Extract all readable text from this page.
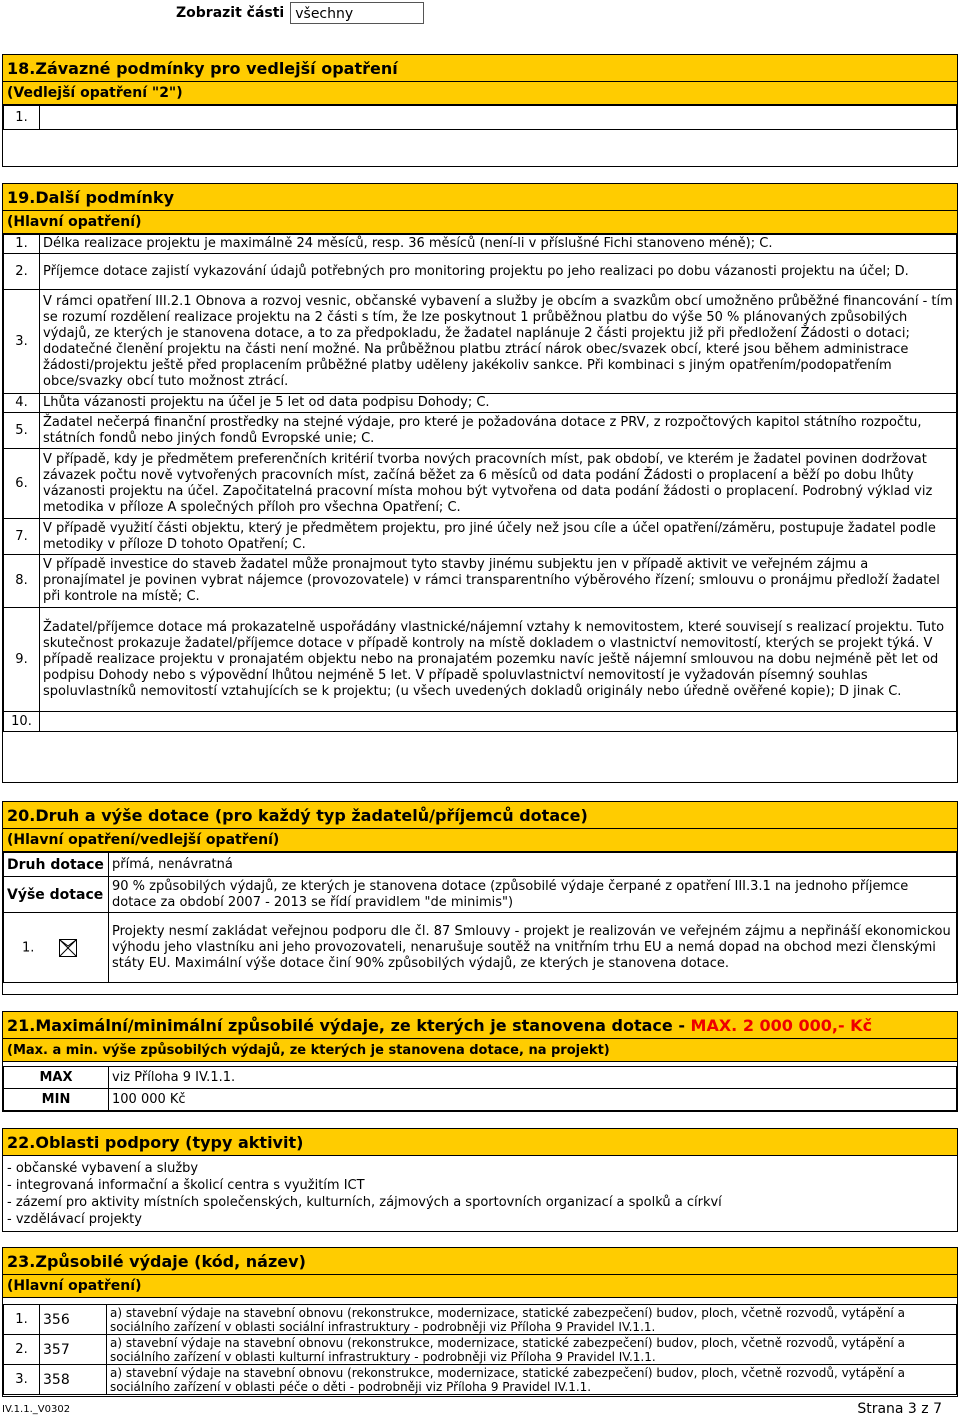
Zobrazit části všechny
18.Závazné podmínky pro vedlejší opatření
(Vedlejší opatření "2")
1.	
19.Další podmínky
(Hlavní opatření)
1.	Délka realizace projektu je maximálně 24 měsíců, resp. 36 měsíců (není-li v příslušné Fichi stanoveno méně); C.
2.	Příjemce dotace zajistí vykazování údajů potřebných pro monitoring projektu po jeho realizaci po dobu vázanosti projektu na účel; D.
3.	V rámci opatření III.2.1 Obnova a rozvoj vesnic, občanské vybavení a služby je obcím a svazkům obcí umožněno průběžné financování - tím se rozumí rozdělení realizace projektu na 2 části s tím, že lze poskytnout 1 průběžnou platbu do výše 50 % plánovaných způsobilých výdajů, ze kterých je stanovena dotace, a to za předpokladu, že žadatel naplánuje 2 části projektu již při předložení Žádosti o dotaci; dodatečné členění projektu na části není možné. Na průběžnou platbu ztrácí nárok obec/svazek obcí, které jsou během administrace žádosti/projektu ještě před proplacením průběžné platby uděleny jakékoliv sankce. Při kombinaci s jiným opatřením/podopatřením obce/svazky obcí tuto možnost ztrácí.
4.	Lhůta vázanosti projektu na účel je 5 let od data podpisu Dohody; C.
5.	Žadatel nečerpá finanční prostředky na stejné výdaje, pro které je požadována dotace z PRV, z rozpočtových kapitol státního rozpočtu, státních fondů nebo jiných fondů Evropské unie; C.
6.	V případě, kdy je předmětem preferenčních kritérií tvorba nových pracovních míst, pak období, ve kterém je žadatel povinen dodržovat závazek počtu nově vytvořených pracovních míst, začíná běžet za 6 měsíců od data podání Žádosti o proplacení a běží po dobu lhůty vázanosti projektu na účel. Započitatelná pracovní místa mohou být vytvořena od data podání žádosti o proplacení. Podrobný výklad viz metodika v příloze A společných příloh pro všechna Opatření; C.
7.	V případě využití části objektu, který je předmětem projektu, pro jiné účely než jsou cíle a účel opatření/záměru, postupuje žadatel podle metodiky v příloze D tohoto Opatření; C.
8.	V případě investice do staveb žadatel může pronajmout tyto stavby jinému subjektu jen v případě aktivit ve veřejném zájmu a pronajímatel je povinen vybrat nájemce (provozovatele) v rámci transparentního výběrového řízení; smlouvu o pronájmu předloží žadatel při kontrole na místě; C.
9.	Žadatel/příjemce dotace má prokazatelně uspořádány vlastnické/nájemní vztahy k nemovitostem, které souvisejí s realizací projektu. Tuto skutečnost prokazuje žadatel/příjemce dotace v případě kontroly na místě dokladem o vlastnictví nemovitostí, kterých se projekt týká. V případě realizace projektu v pronajatém objektu nebo na pronajatém pozemku navíc ještě nájemní smlouvou na dobu nejméně pět let od podpisu Dohody nebo s výpovědní lhůtou nejméně 5 let. V případě spoluvlastnictví nemovitostí je vyžadován písemný souhlas spoluvlastníků nemovitostí vztahujících se k projektu; (u všech uvedených dokladů originály nebo úředně ověřené kopie); D jinak C.
10.	
20.Druh a výše dotace (pro každý typ žadatelů/příjemců dotace)
(Hlavní opatření/vedlejší opatření)
Druh dotace	přímá, nenávratná
Výše dotace	90 % způsobilých výdajů, ze kterých je stanovena dotace (způsobilé výdaje čerpané z opatření III.3.1 na jednoho příjemce dotace za období 2007 - 2013 se řídí pravidlem "de minimis")
1.	Projekty nesmí zakládat veřejnou podporu dle čl. 87 Smlouvy - projekt je realizován ve veřejném zájmu a nepřináší ekonomickou výhodu jeho vlastníku ani jeho provozovateli, nenarušuje soutěž na vnitřním trhu EU a nemá dopad na obchod mezi členskými státy EU. Maximální výše dotace činí 90% způsobilých výdajů, ze kterých je stanovena dotace.
21.Maximální/minimální způsobilé výdaje, ze kterých je stanovena dotace - MAX. 2 000 000,- Kč
(Max. a min. výše způsobilých výdajů, ze kterých je stanovena dotace, na projekt)
MAX	viz Příloha 9 IV.1.1.
MIN	100 000 Kč
22.Oblasti podpory (typy aktivit)
- občanské vybavení a služby
- integrovaná informační a školicí centra s využitím ICT
- zázemí pro aktivity místních společenských, kulturních, zájmových a sportovních organizací a spolků a církví
- vzdělávací projekty
23.Způsobilé výdaje (kód, název)
(Hlavní opatření)
1.	356	a) stavební výdaje na stavební obnovu (rekonstrukce, modernizace, statické zabezpečení) budov, ploch, včetně rozvodů, vytápění a sociálního zařízení v oblasti sociální infrastruktury - podrobněji viz Příloha 9 Pravidel IV.1.1.
2.	357	a) stavební výdaje na stavební obnovu (rekonstrukce, modernizace, statické zabezpečení) budov, ploch, včetně rozvodů, vytápění a sociálního zařízení v oblasti kulturní infrastruktury - podrobněji viz Příloha 9 Pravidel IV.1.1.
3.	358	a) stavební výdaje na stavební obnovu (rekonstrukce, modernizace, statické zabezpečení) budov, ploch, včetně rozvodů, vytápění a sociálního zařízení v oblasti péče o děti - podrobněji viz Příloha 9 Pravidel IV.1.1.
IV.1.1._V0302	Strana 3 z 7
